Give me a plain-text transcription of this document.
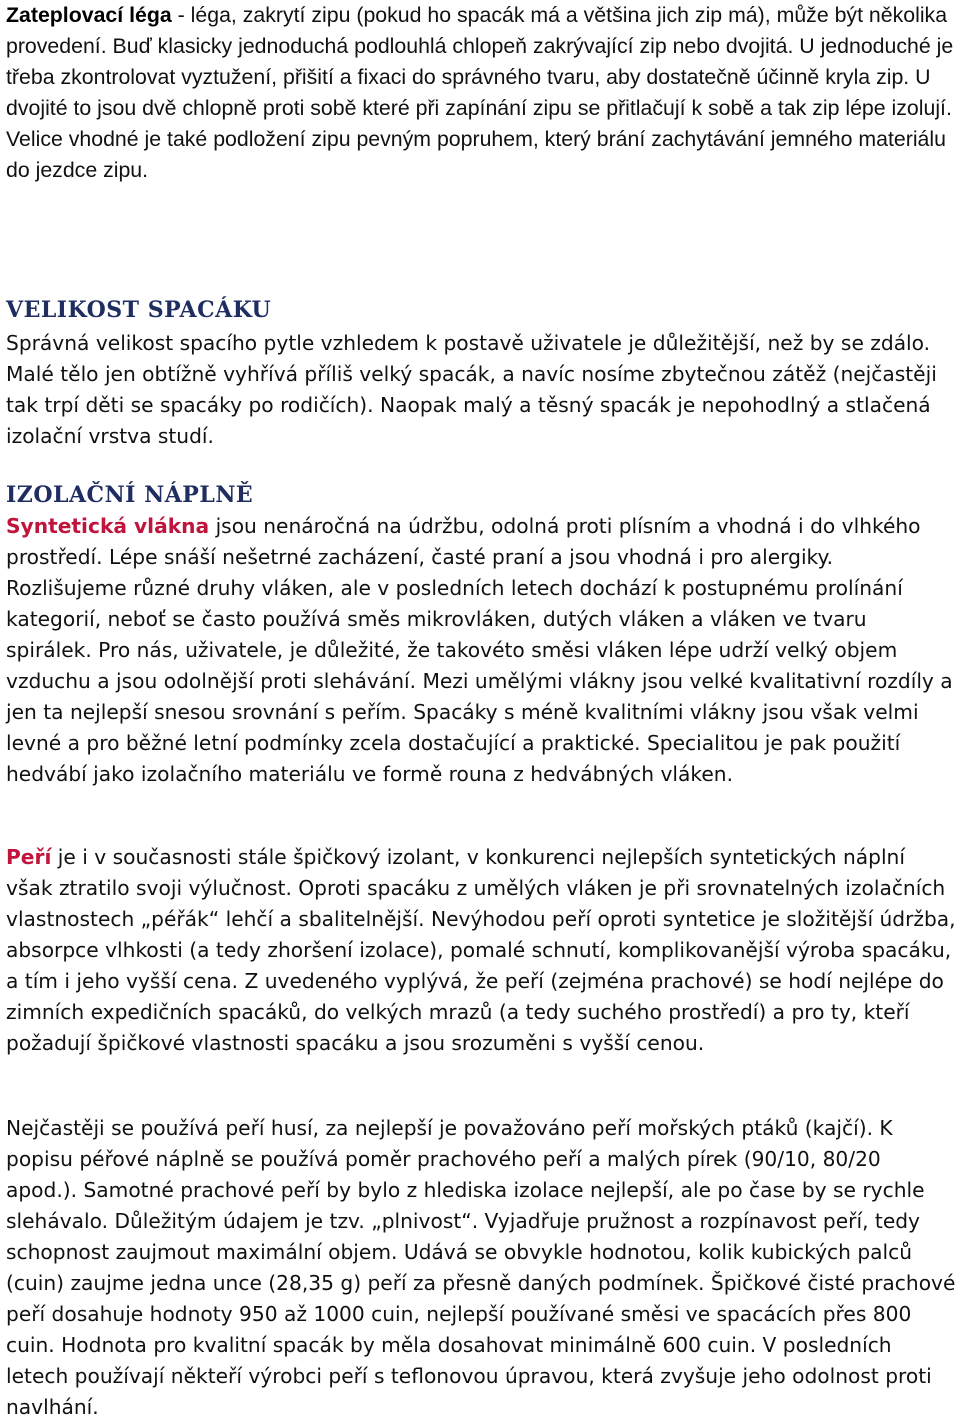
Zateplovací léga - léga, zakrytí zipu (pokud ho spacák má a většina jich zip má), může být několika provedení. Buď klasicky jednoduchá podlouhlá chlopeň zakrývající zip nebo dvojitá. U jednoduché je třeba zkontrolovat vyztužení, přišití a fixaci do správného tvaru, aby dostatečně účinně kryla zip. U dvojité to jsou dvě chlopně proti sobě které při zapínání zipu se přitlačují k sobě a tak zip lépe izolují. Velice vhodné je také podložení zipu pevným popruhem, který brání zachytávání jemného materiálu do jezdce zipu.

VELIKOST SPACÁKU

Správná velikost spacího pytle vzhledem k postavě uživatele je důležitější, než by se zdálo. Malé tělo jen obtížně vyhřívá příliš velký spacák, a navíc nosíme zbytečnou zátěž (nejčastěji tak trpí děti se spacáky po rodičích). Naopak malý a těsný spacák je nepohodlný a stlačená izolační vrstva studí.

IZOLAČNÍ NÁPLNĚ

Syntetická vlákna jsou nenáročná na údržbu, odolná proti plísním a vhodná i do vlhkého prostředí. Lépe snáší nešetrné zacházení, časté praní a jsou vhodná i pro alergiky. Rozlišujeme různé druhy vláken, ale v posledních letech dochází k postupnému prolínání kategorií, neboť se často používá směs mikrovláken, dutých vláken a vláken ve tvaru spirálek. Pro nás, uživatele, je důležité, že takovéto směsi vláken lépe udrží velký objem vzduchu a jsou odolnější proti slehávání. Mezi umělými vlákny jsou velké kvalitativní rozdíly a jen ta nejlepší snesou srovnání s peřím. Spacáky s méně kvalitními vlákny jsou však velmi levné a pro běžné letní podmínky zcela dostačující a praktické. Specialitou je pak použití hedvábí jako izolačního materiálu ve formě rouna z hedvábných vláken.

Peří je i v současnosti stále špičkový izolant, v konkurenci nejlepších syntetických náplní však ztratilo svoji výlučnost. Oproti spacáku z umělých vláken je při srovnatelných izolačních vlastnostech „péřák“ lehčí a sbalitelnější. Nevýhodou peří oproti syntetice je složitější údržba, absorpce vlhkosti (a tedy zhoršení izolace), pomalé schnutí, komplikovanější výroba spacáku, a tím i jeho vyšší cena. Z uvedeného vyplývá, že peří (zejména prachové) se hodí nejlépe do zimních expedičních spacáků, do velkých mrazů (a tedy suchého prostředí) a pro ty, kteří požadují špičkové vlastnosti spacáku a jsou srozuměni s vyšší cenou.

Nejčastěji se používá peří husí, za nejlepší je považováno peří mořských ptáků (kajčí). K popisu péřové náplně se používá poměr prachového peří a malých pírek (90/10, 80/20 apod.). Samotné prachové peří by bylo z hlediska izolace nejlepší, ale po čase by se rychle slehávalo. Důležitým údajem je tzv. „plnivost“. Vyjadřuje pružnost a rozpínavost peří, tedy schopnost zaujmout maximální objem. Udává se obvykle hodnotou, kolik kubických palců (cuin) zaujme jedna unce (28,35 g) peří za přesně daných podmínek. Špičkové čisté prachové peří dosahuje hodnoty 950 až 1000 cuin, nejlepší používané směsi ve spacácích přes 800 cuin. Hodnota pro kvalitní spacák by měla dosahovat minimálně 600 cuin. V posledních letech používají někteří výrobci peří s teflonovou úpravou, která zvyšuje jeho odolnost proti navlhání.
